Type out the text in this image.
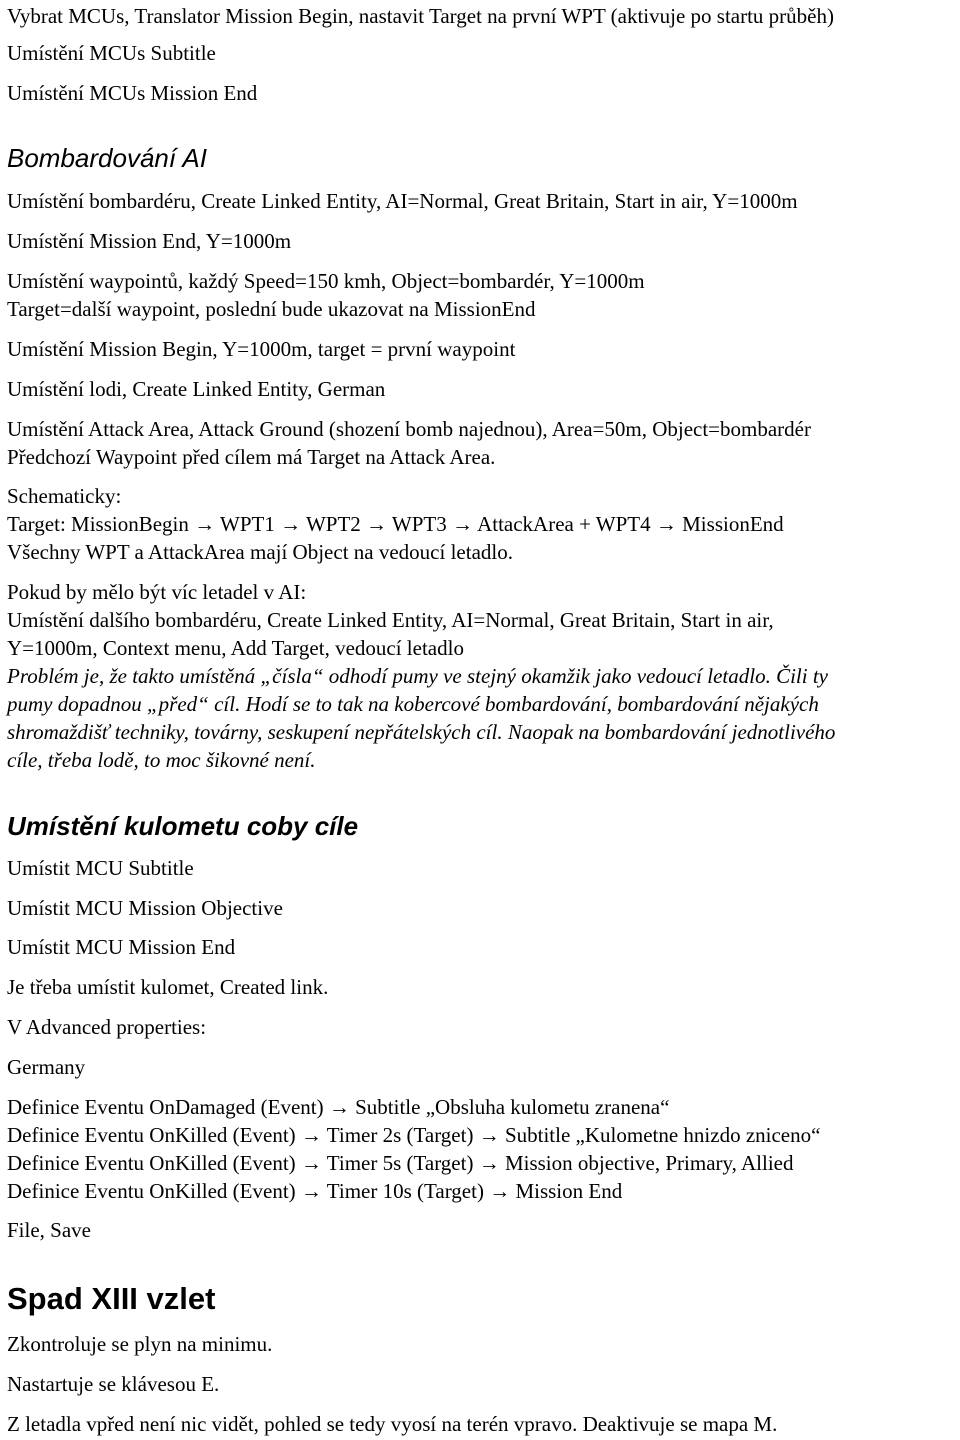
Vybrat MCUs, Translator Mission Begin, nastavit Target na první WPT (aktivuje po startu průběh)
Umístění MCUs Subtitle
Umístění MCUs Mission End
Bombardování AI
Umístění bombardéru, Create Linked Entity, AI=Normal, Great Britain, Start in air, Y=1000m
Umístění Mission End, Y=1000m
Umístění waypointů, každý Speed=150 kmh, Object=bombardér, Y=1000m
Target=další waypoint, poslední bude ukazovat na MissionEnd
Umístění Mission Begin, Y=1000m, target = první waypoint
Umístění lodi, Create Linked Entity, German
Umístění Attack Area, Attack Ground (shození bomb najednou), Area=50m, Object=bombardér
Předchozí Waypoint před cílem má Target na Attack Area.
Schematicky:
Target: MissionBegin → WPT1 → WPT2 → WPT3 → AttackArea + WPT4 → MissionEnd
Všechny WPT a AttackArea mají Object na vedoucí letadlo.
Pokud by mělo být víc letadel v AI:
Umístění dalšího bombardéru, Create Linked Entity, AI=Normal, Great Britain, Start in air,
Y=1000m, Context menu, Add Target, vedoucí letadlo
Problém je, že takto umístěná „čísla“ odhodí pumy ve stejný okamžik jako vedoucí letadlo. Čili ty
pumy dopadnou „před“ cíl. Hodí se to tak na kobercové bombardování, bombardování nějakých
shromaždišť techniky, továrny, seskupení nepřátelských cíl. Naopak na bombardování jednotlivého
cíle, třeba lodě, to moc šikovné není.
Umístění kulometu coby cíle
Umístit MCU Subtitle
Umístit MCU Mission Objective
Umístit MCU Mission End
Je třeba umístit kulomet, Created link.
V Advanced properties:
Germany
Definice Eventu OnDamaged (Event) → Subtitle „Obsluha kulometu zranena“
Definice Eventu OnKilled (Event) → Timer 2s (Target) → Subtitle „Kulometne hnizdo zniceno“
Definice Eventu OnKilled (Event) → Timer 5s (Target) → Mission objective, Primary, Allied
Definice Eventu OnKilled (Event) → Timer 10s (Target) → Mission End
File, Save
Spad XIII vzlet
Zkontroluje se plyn na minimu.
Nastartuje se klávesou E.
Z letadla vpřed není nic vidět, pohled se tedy vyosí na terén vpravo. Deaktivuje se mapa M.
